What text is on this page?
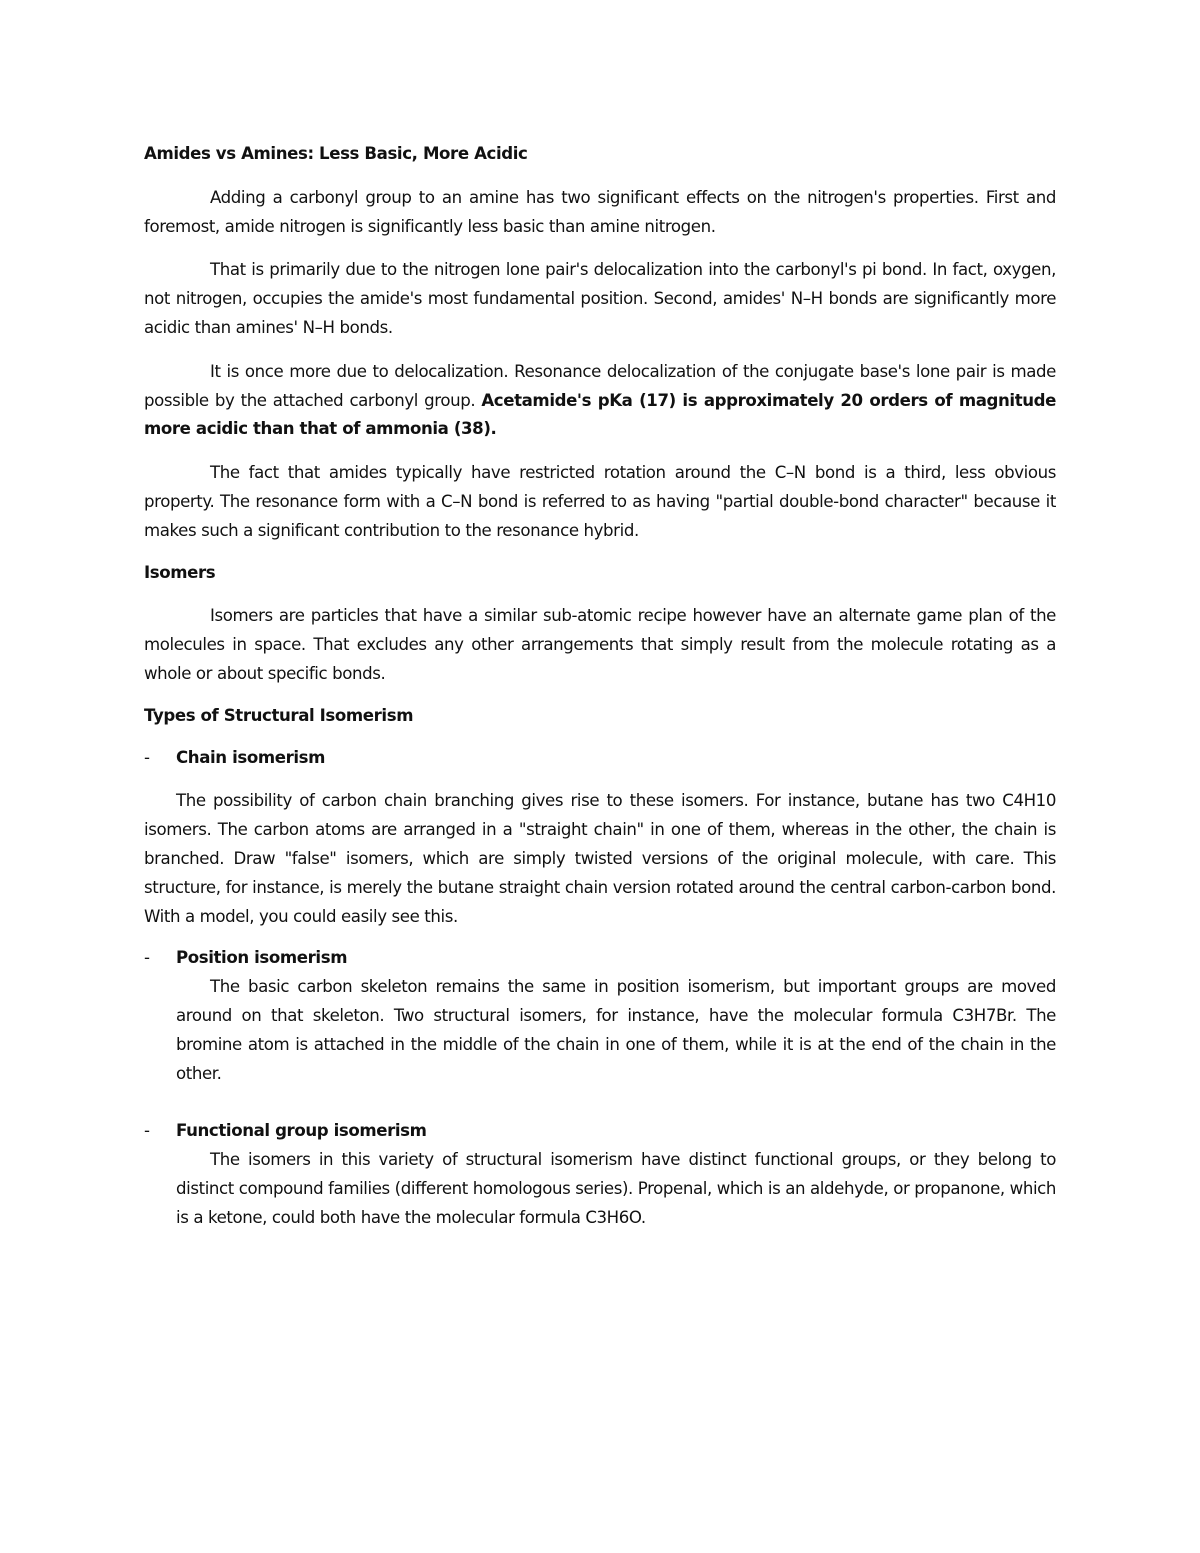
Amides vs Amines: Less Basic, More Acidic

Adding a carbonyl group to an amine has two significant effects on the nitrogen's properties. First and foremost, amide nitrogen is significantly less basic than amine nitrogen.

That is primarily due to the nitrogen lone pair's delocalization into the carbonyl's pi bond. In fact, oxygen, not nitrogen, occupies the amide's most fundamental position. Second, amides' N–H bonds are significantly more acidic than amines' N–H bonds.

It is once more due to delocalization. Resonance delocalization of the conjugate base's lone pair is made possible by the attached carbonyl group. Acetamide's pKa (17) is approximately 20 orders of magnitude more acidic than that of ammonia (38).

The fact that amides typically have restricted rotation around the C–N bond is a third, less obvious property. The resonance form with a C–N bond is referred to as having "partial double-bond character" because it makes such a significant contribution to the resonance hybrid.

Isomers

Isomers are particles that have a similar sub-atomic recipe however have an alternate game plan of the molecules in space. That excludes any other arrangements that simply result from the molecule rotating as a whole or about specific bonds.

Types of Structural Isomerism
- Chain isomerism

The possibility of carbon chain branching gives rise to these isomers. For instance, butane has two C4H10 isomers. The carbon atoms are arranged in a "straight chain" in one of them, whereas in the other, the chain is branched. Draw "false" isomers, which are simply twisted versions of the original molecule, with care. This structure, for instance, is merely the butane straight chain version rotated around the central carbon-carbon bond. With a model, you could easily see this.

- Position isomerism

The basic carbon skeleton remains the same in position isomerism, but important groups are moved around on that skeleton. Two structural isomers, for instance, have the molecular formula C3H7Br. The bromine atom is attached in the middle of the chain in one of them, while it is at the end of the chain in the other.

- Functional group isomerism

The isomers in this variety of structural isomerism have distinct functional groups, or they belong to distinct compound families (different homologous series). Propenal, which is an aldehyde, or propanone, which is a ketone, could both have the molecular formula C3H6O.
